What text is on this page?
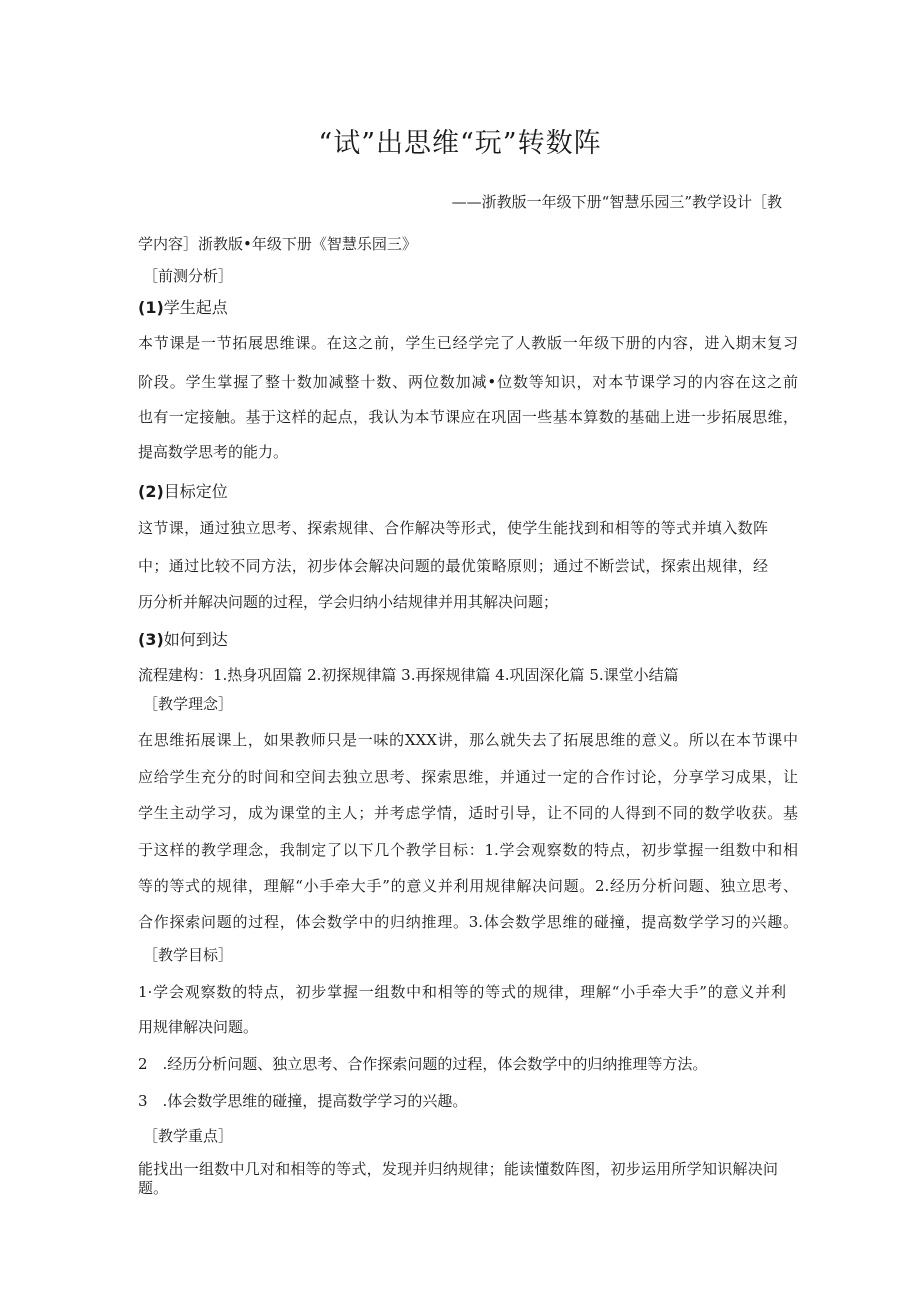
“试”出思维“玩”转数阵
——浙教版一年级下册“智慧乐园三”教学设计［教
学内容］浙教版•年级下册《智慧乐园三》
［前测分析］
(1)学生起点
本节课是一节拓展思维课。在这之前，学生已经学完了人教版一年级下册的内容，进入期末复习
阶段。学生掌握了整十数加减整十数、两位数加减•位数等知识，对本节课学习的内容在这之前
也有一定接触。基于这样的起点，我认为本节课应在巩固一些基本算数的基础上进一步拓展思维，
提高数学思考的能力。
(2)目标定位
这节课，通过独立思考、探索规律、合作解决等形式，使学生能找到和相等的等式并填入数阵
中；通过比较不同方法，初步体会解决问题的最优策略原则；通过不断尝试，探索出规律，经
历分析并解决问题的过程，学会归纳小结规律并用其解决问题；
(3)如何到达
流程建构：1.热身巩固篇 2.初探规律篇 3.再探规律篇 4.巩固深化篇 5.课堂小结篇
［教学理念］
在思维拓展课上，如果教师只是一味的XXX讲，那么就失去了拓展思维的意义。所以在本节课中
应给学生充分的时间和空间去独立思考、探索思维，并通过一定的合作讨论，分享学习成果，让
学生主动学习，成为课堂的主人；并考虑学情，适时引导，让不同的人得到不同的数学收获。基
于这样的教学理念，我制定了以下几个教学目标：1.学会观察数的特点，初步掌握一组数中和相
等的等式的规律，理解“小手牵大手”的意义并利用规律解决问题。2.经历分析问题、独立思考、
合作探索问题的过程，体会数学中的归纳推理。3.体会数学思维的碰撞，提高数学学习的兴趣。
［教学目标］
1·学会观察数的特点，初步掌握一组数中和相等的等式的规律，理解“小手牵大手”的意义并利
用规律解决问题。
2　.经历分析问题、独立思考、合作探索问题的过程，体会数学中的归纳推理等方法。
3　.体会数学思维的碰撞，提高数学学习的兴趣。
［教学重点］
能找出一组数中几对和相等的等式，发现并归纳规律；能读懂数阵图，初步运用所学知识解决问
题。
